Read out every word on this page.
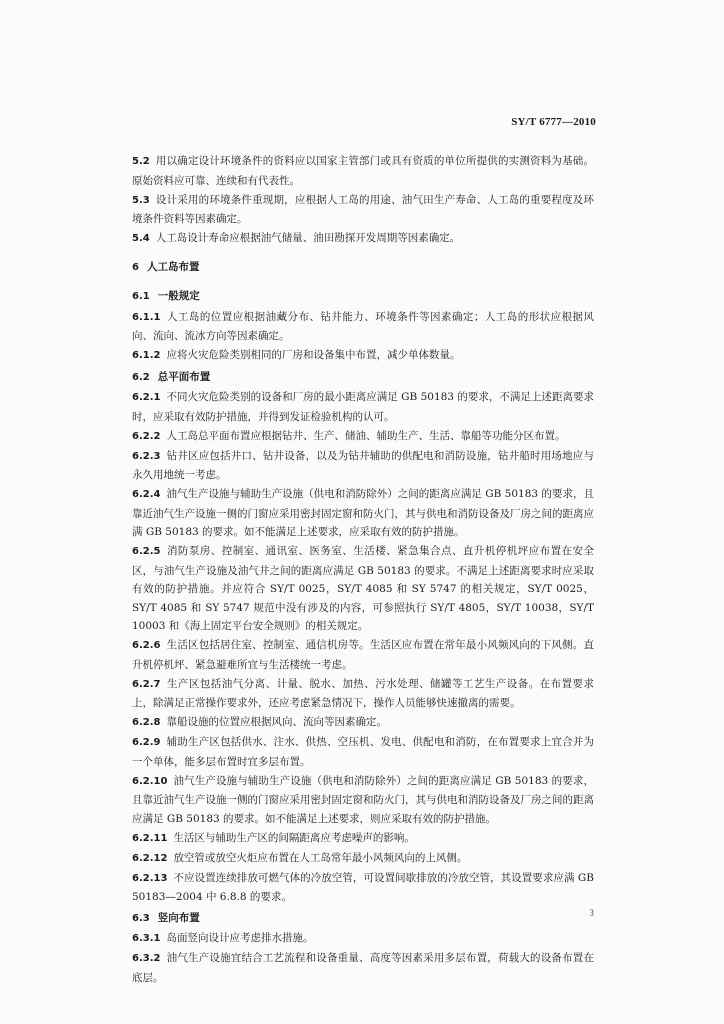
SY/T 6777—2010
5.2 用以确定设计环境条件的资料应以国家主管部门或具有资质的单位所提供的实测资料为基础。原始资料应可靠、连续和有代表性。
5.3 设计采用的环境条件重现期，应根据人工岛的用途、油气田生产寿命、人工岛的重要程度及环境条件资料等因素确定。
5.4 人工岛设计寿命应根据油气储量、油田勘探开发周期等因素确定。
6 人工岛布置
6.1 一般规定
6.1.1 人工岛的位置应根据油藏分布、钻井能力、环境条件等因素确定；人工岛的形状应根据风向、流向、流冰方向等因素确定。
6.1.2 应将火灾危险类别相同的厂房和设备集中布置，减少单体数量。
6.2 总平面布置
6.2.1 不同火灾危险类别的设备和厂房的最小距离应满足 GB 50183 的要求，不满足上述距离要求时，应采取有效防护措施，并得到发证检验机构的认可。
6.2.2 人工岛总平面布置应根据钻井、生产、储油、辅助生产、生活、靠船等功能分区布置。
6.2.3 钻井区应包括井口、钻井设备，以及为钻井辅助的供配电和消防设施，钻井船时用场地应与永久用地统一考虑。
6.2.4 油气生产设施与辅助生产设施（供电和消防除外）之间的距离应满足 GB 50183 的要求，且靠近油气生产设施一侧的门窗应采用密封固定窗和防火门，其与供电和消防设备及厂房之间的距离应满 GB 50183 的要求。如不能满足上述要求，应采取有效的防护措施。
6.2.5 消防泵房、控制室、通讯室、医务室、生活楼、紧急集合点、直升机停机坪应布置在安全区，与油气生产设施及油气井之间的距离应满足 GB 50183 的要求。不满足上述距离要求时应采取有效的防护措施。并应符合 SY/T 0025，SY/T 4085 和 SY 5747 的相关规定，SY/T 0025，SY/T 4085 和 SY 5747 规范中没有涉及的内容，可参照执行 SY/T 4805，SY/T 10038，SY/T 10003 和《海上固定平台安全规则》的相关规定。
6.2.6 生活区包括居住室、控制室、通信机房等。生活区应布置在常年最小风频风向的下风侧。直升机停机坪、紧急避难所宜与生活楼统一考虑。
6.2.7 生产区包括油气分离、计量、脱水、加热、污水处理、储罐等工艺生产设备。在布置要求上，除满足正常操作要求外，还应考虑紧急情况下，操作人员能够快速撤离的需要。
6.2.8 靠船设施的位置应根据风向、流向等因素确定。
6.2.9 辅助生产区包括供水、注水、供热、空压机、发电、供配电和消防，在布置要求上宜合并为一个单体，能多层布置时宜多层布置。
6.2.10 油气生产设施与辅助生产设施（供电和消防除外）之间的距离应满足 GB 50183 的要求，且靠近油气生产设施一侧的门窗应采用密封固定窗和防火门，其与供电和消防设备及厂房之间的距离应满足 GB 50183 的要求。如不能满足上述要求，则应采取有效的防护措施。
6.2.11 生活区与辅助生产区的间隔距离应考虑噪声的影响。
6.2.12 放空管或放空火炬应布置在人工岛常年最小风频风向的上风侧。
6.2.13 不应设置连续排放可燃气体的冷放空管，可设置间歇排放的冷放空管，其设置要求应满 GB 50183—2004 中 6.8.8 的要求。
6.3 竖向布置
6.3.1 岛面竖向设计应考虑排水措施。
6.3.2 油气生产设施宜结合工艺流程和设备重量、高度等因素采用多层布置，荷载大的设备布置在底层。
3
